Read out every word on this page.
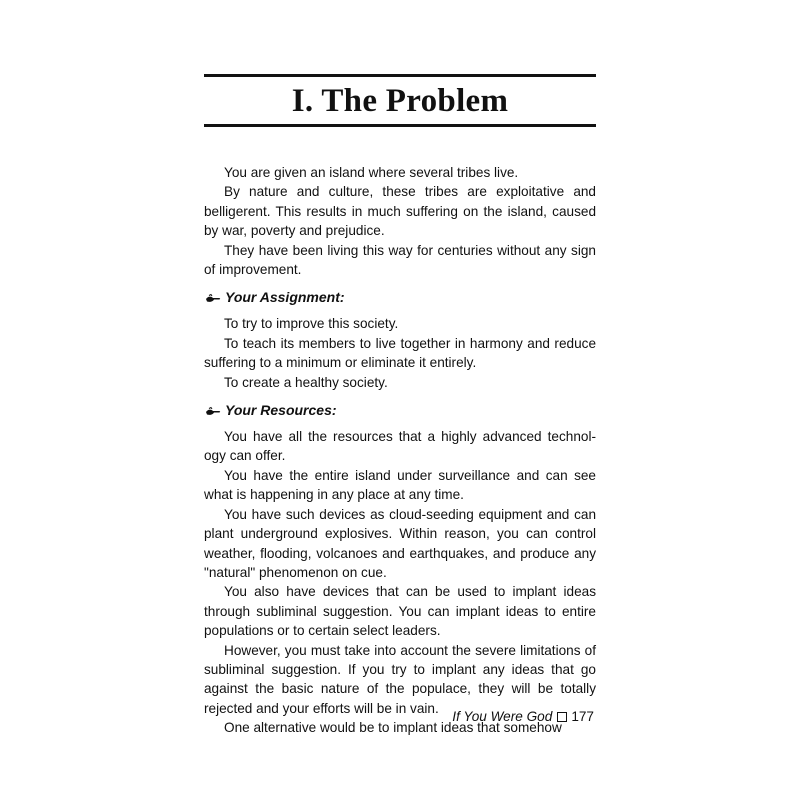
I. The Problem

You are given an island where several tribes live.

By nature and culture, these tribes are exploitative and belligerent. This results in much suffering on the island, caused by war, poverty and prejudice.

They have been living this way for centuries without any sign of improvement.

Your Assignment:

To try to improve this society.

To teach its members to live together in harmony and reduce suffering to a minimum or eliminate it entirely.

To create a healthy society.

Your Resources:

You have all the resources that a highly advanced technol-ogy can offer.

You have the entire island under surveillance and can see what is happening in any place at any time.

You have such devices as cloud-seeding equipment and can plant underground explosives. Within reason, you can control weather, flooding, volcanoes and earthquakes, and produce any "natural" phenomenon on cue.

You also have devices that can be used to implant ideas through subliminal suggestion. You can implant ideas to entire populations or to certain select leaders.

However, you must take into account the severe limitations of subliminal suggestion. If you try to implant any ideas that go against the basic nature of the populace, they will be totally rejected and your efforts will be in vain.

One alternative would be to implant ideas that somehow

If You Were God 177
